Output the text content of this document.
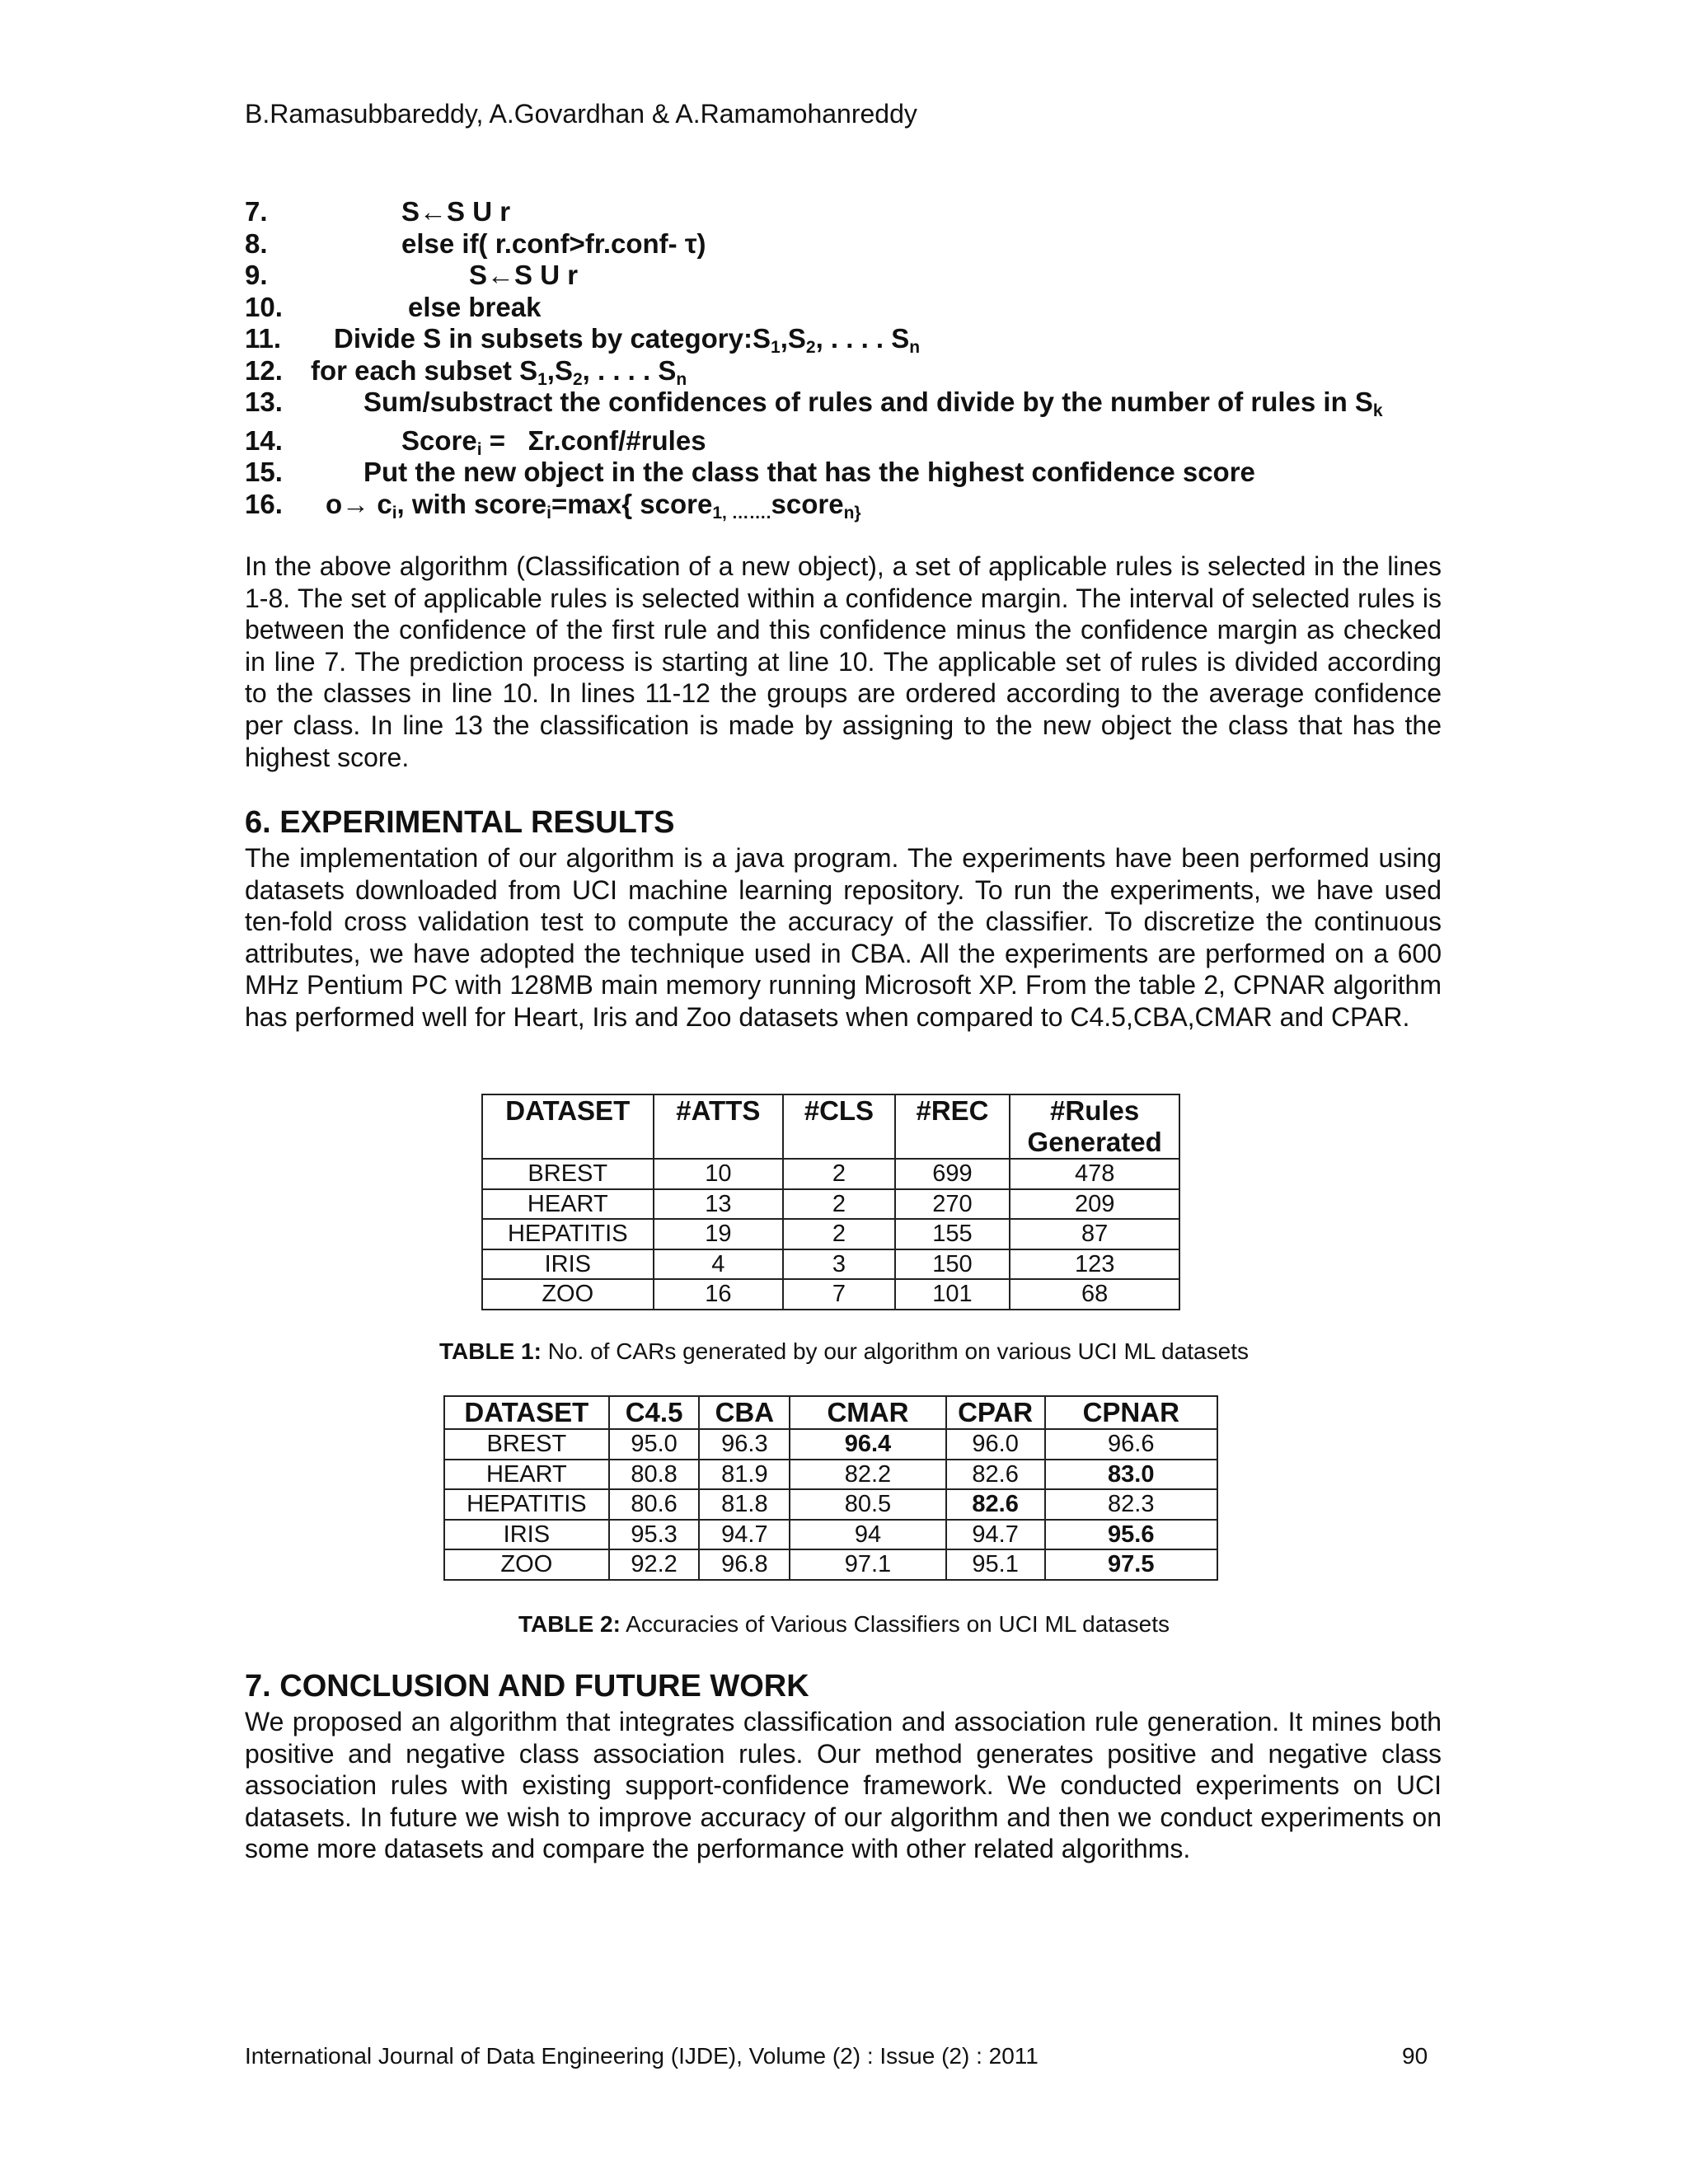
B.Ramasubbareddy, A.Govardhan & A.Ramamohanreddy
7.	S←S U r
8.	else if( r.conf>fr.conf- τ)
9.	S←S U r
10.	else break
11. Divide S in subsets by $category:S_1,S_2$, . . . . $S_n$
12. for each subset $S_1,S_2$, . . . . $S_n$
13.	Sum/substract the confidences of rules and divide by the number of rules in $S_k$
14.	Score$_i$ =   Σr.conf/#rules
15.	Put the new object in the class that has the highest confidence score
16. $o\to c_i$, with score$_i$=max{ score$_{1, \dots\dots.}$score$_{n\}}$
In the above algorithm (Classification of a new object), a set of applicable rules is selected in the lines 1-8. The set of applicable rules is selected within a confidence margin. The interval of selected rules is between the confidence of the first rule and this confidence minus the confidence margin as checked in line 7. The prediction process is starting at line 10. The applicable set of rules is divided according to the classes in line 10. In lines 11-12 the groups are ordered according to the average confidence per class. In line 13 the classification is made by assigning to the new object the class that has the highest score.
6. EXPERIMENTAL RESULTS
The implementation of our algorithm is a java program. The experiments have been performed using datasets downloaded from UCI machine learning repository. To run the experiments, we have used ten-fold cross validation test to compute the accuracy of the classifier. To discretize the continuous attributes, we have adopted the technique used in CBA. All the experiments are performed on a 600 MHz Pentium PC with 128MB main memory running Microsoft XP. From the table 2, CPNAR algorithm has performed well for Heart, Iris and Zoo datasets when compared to C4.5,CBA,CMAR and CPAR.
DATASET	#ATTS	#CLS	#REC	#Rules
Generated
BREST	10	2	699	478
HEART	13	2	270	209
HEPATITIS	19	2	155	87
IRIS	4	3	150	123
ZOO	16	7	101	68
TABLE 1: No. of CARs generated by our algorithm on various UCI ML datasets
DATASET	C4.5	CBA	CMAR	CPAR	CPNAR
BREST	95.0	96.3	96.4	96.0	96.6
HEART	80.8	81.9	82.2	82.6	83.0
HEPATITIS	80.6	81.8	80.5	82.6	82.3
IRIS	95.3	94.7	94	94.7	95.6
ZOO	92.2	96.8	97.1	95.1	97.5
TABLE 2: Accuracies of Various Classifiers on UCI ML datasets
7. CONCLUSION AND FUTURE WORK
We proposed an algorithm that integrates classification and association rule generation. It mines both positive and negative class association rules. Our method generates positive and negative class association rules with existing support-confidence framework. We conducted experiments on UCI datasets. In future we wish to improve accuracy of our algorithm and then we conduct experiments on some more datasets and compare the performance with other related algorithms.
International Journal of Data Engineering (IJDE), Volume (2) : Issue (2) : 2011	90
